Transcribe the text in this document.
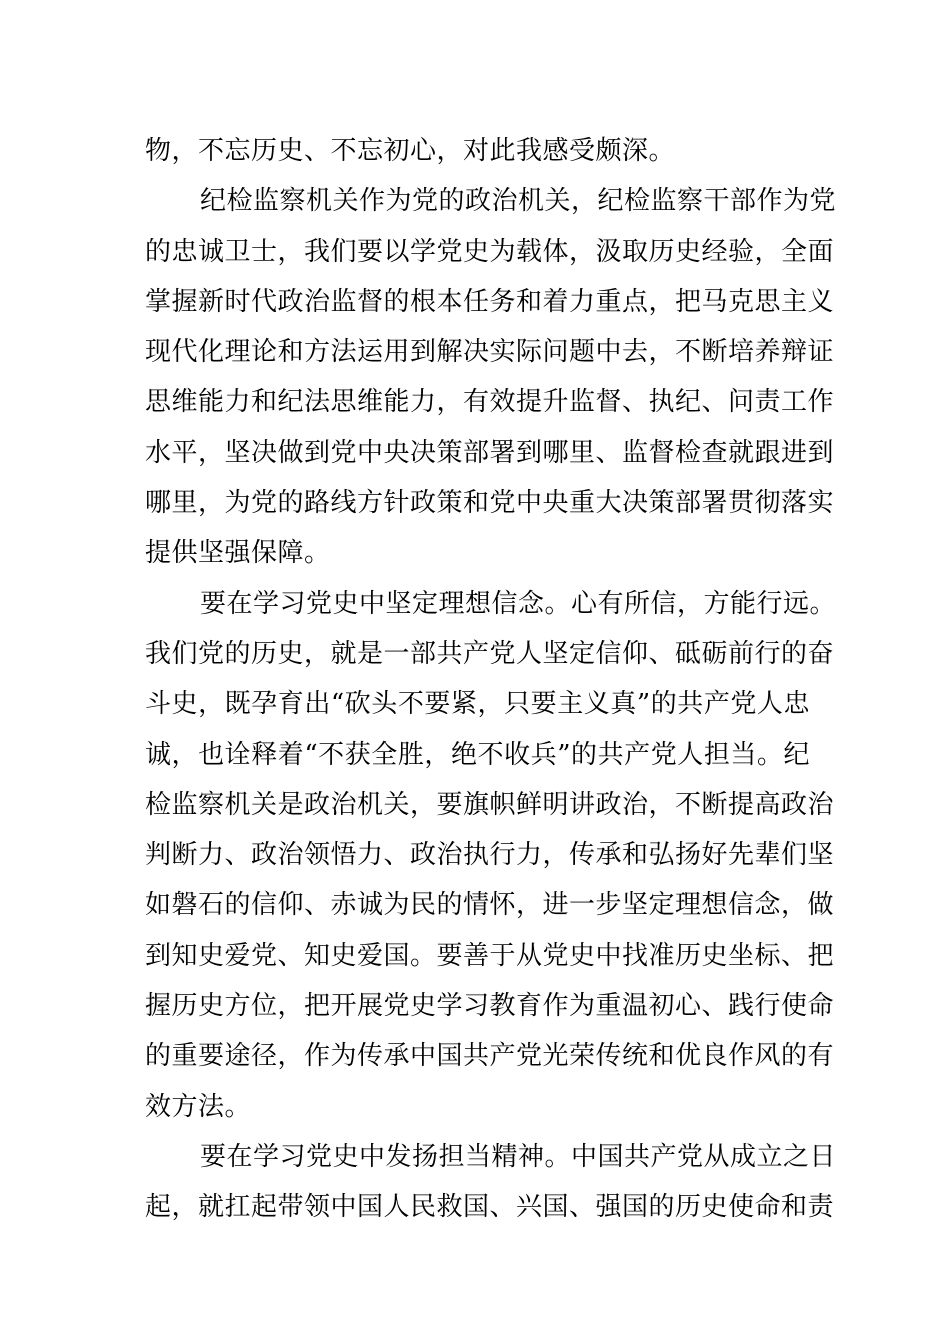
物，不忘历史、不忘初心，对此我感受颇深。
纪检监察机关作为党的政治机关，纪检监察干部作为党
的忠诚卫士，我们要以学党史为载体，汲取历史经验，全面
掌握新时代政治监督的根本任务和着力重点，把马克思主义
现代化理论和方法运用到解决实际问题中去，不断培养辩证
思维能力和纪法思维能力，有效提升监督、执纪、问责工作
水平，坚决做到党中央决策部署到哪里、监督检查就跟进到
哪里，为党的路线方针政策和党中央重大决策部署贯彻落实
提供坚强保障。
要在学习党史中坚定理想信念。心有所信，方能行远。
我们党的历史，就是一部共产党人坚定信仰、砥砺前行的奋
斗史，既孕育出“砍头不要紧，只要主义真”的共产党人忠
诚，也诠释着“不获全胜，绝不收兵”的共产党人担当。纪
检监察机关是政治机关，要旗帜鲜明讲政治，不断提高政治
判断力、政治领悟力、政治执行力，传承和弘扬好先辈们坚
如磐石的信仰、赤诚为民的情怀，进一步坚定理想信念，做
到知史爱党、知史爱国。要善于从党史中找准历史坐标、把
握历史方位，把开展党史学习教育作为重温初心、践行使命
的重要途径，作为传承中国共产党光荣传统和优良作风的有
效方法。
要在学习党史中发扬担当精神。中国共产党从成立之日
起，就扛起带领中国人民救国、兴国、强国的历史使命和责
